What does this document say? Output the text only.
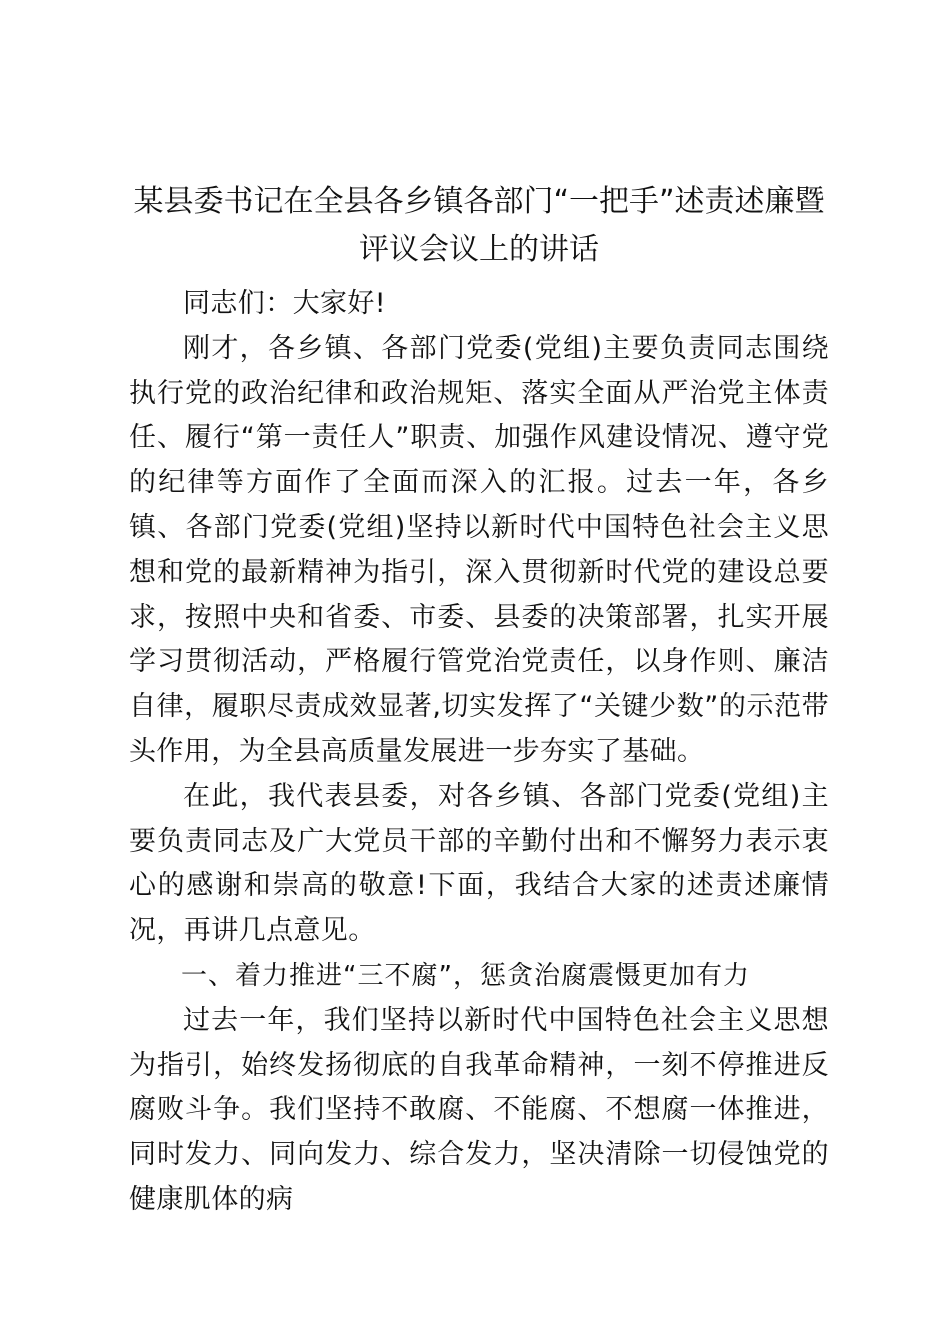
某县委书记在全县各乡镇各部门“一把手”述责述廉暨评议会议上的讲话

同志们：大家好!

刚才，各乡镇、各部门党委(党组)主要负责同志围绕执行党的政治纪律和政治规矩、落实全面从严治党主体责任、履行“第一责任人”职责、加强作风建设情况、遵守党的纪律等方面作了全面而深入的汇报。过去一年，各乡镇、各部门党委(党组)坚持以新时代中国特色社会主义思想和党的最新精神为指引，深入贯彻新时代党的建设总要求，按照中央和省委、市委、县委的决策部署，扎实开展学习贯彻活动，严格履行管党治党责任，以身作则、廉洁自律，履职尽责成效显著,切实发挥了“关键少数”的示范带头作用，为全县高质量发展进一步夯实了基础。

在此，我代表县委，对各乡镇、各部门党委(党组)主要负责同志及广大党员干部的辛勤付出和不懈努力表示衷心的感谢和崇高的敬意!下面，我结合大家的述责述廉情况，再讲几点意见。

一、着力推进“三不腐”，惩贪治腐震慑更加有力

过去一年，我们坚持以新时代中国特色社会主义思想为指引，始终发扬彻底的自我革命精神，一刻不停推进反腐败斗争。我们坚持不敢腐、不能腐、不想腐一体推进，同时发力、同向发力、综合发力，坚决清除一切侵蚀党的健康肌体的病
